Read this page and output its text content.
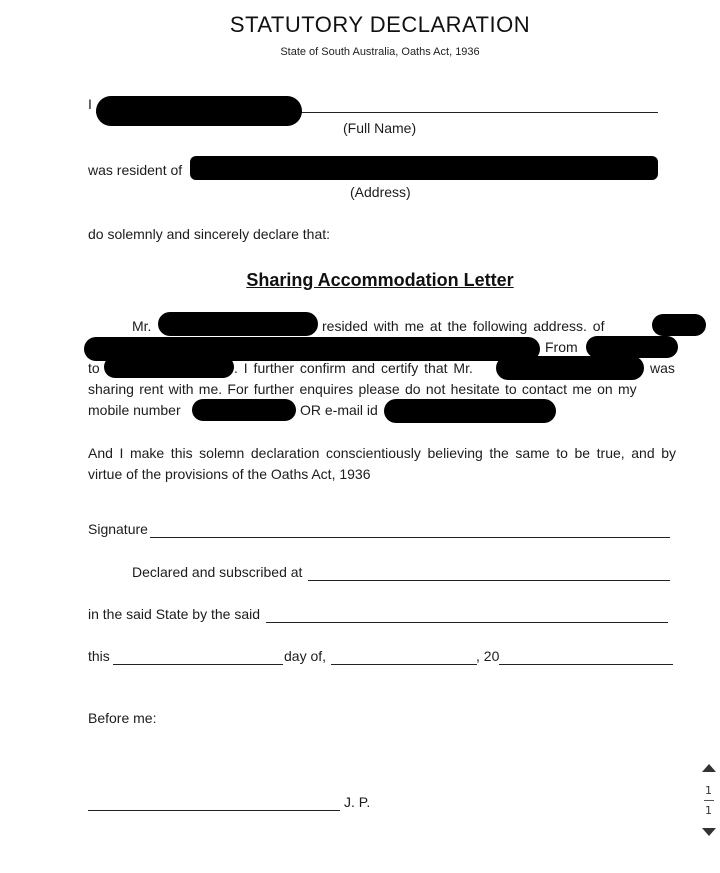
STATUTORY DECLARATION
State of South Australia, Oaths Act, 1936
I
(Full Name)
was resident of
(Address)
do solemnly and sincerely declare that:
Sharing Accommodation Letter
Mr.	resided with me at the following address. of
From
to	. I further confirm and certify that Mr.	was
sharing rent with me. For further enquires please do not hesitate to contact me on my
mobile number	OR e-mail id
And I make this solemn declaration conscientiously believing the same to be true, and by virtue of the provisions of the Oaths Act, 1936
Signature
Declared and subscribed at
in the said State by the said
this	day of,	, 20
Before me:
J. P.
1
1
